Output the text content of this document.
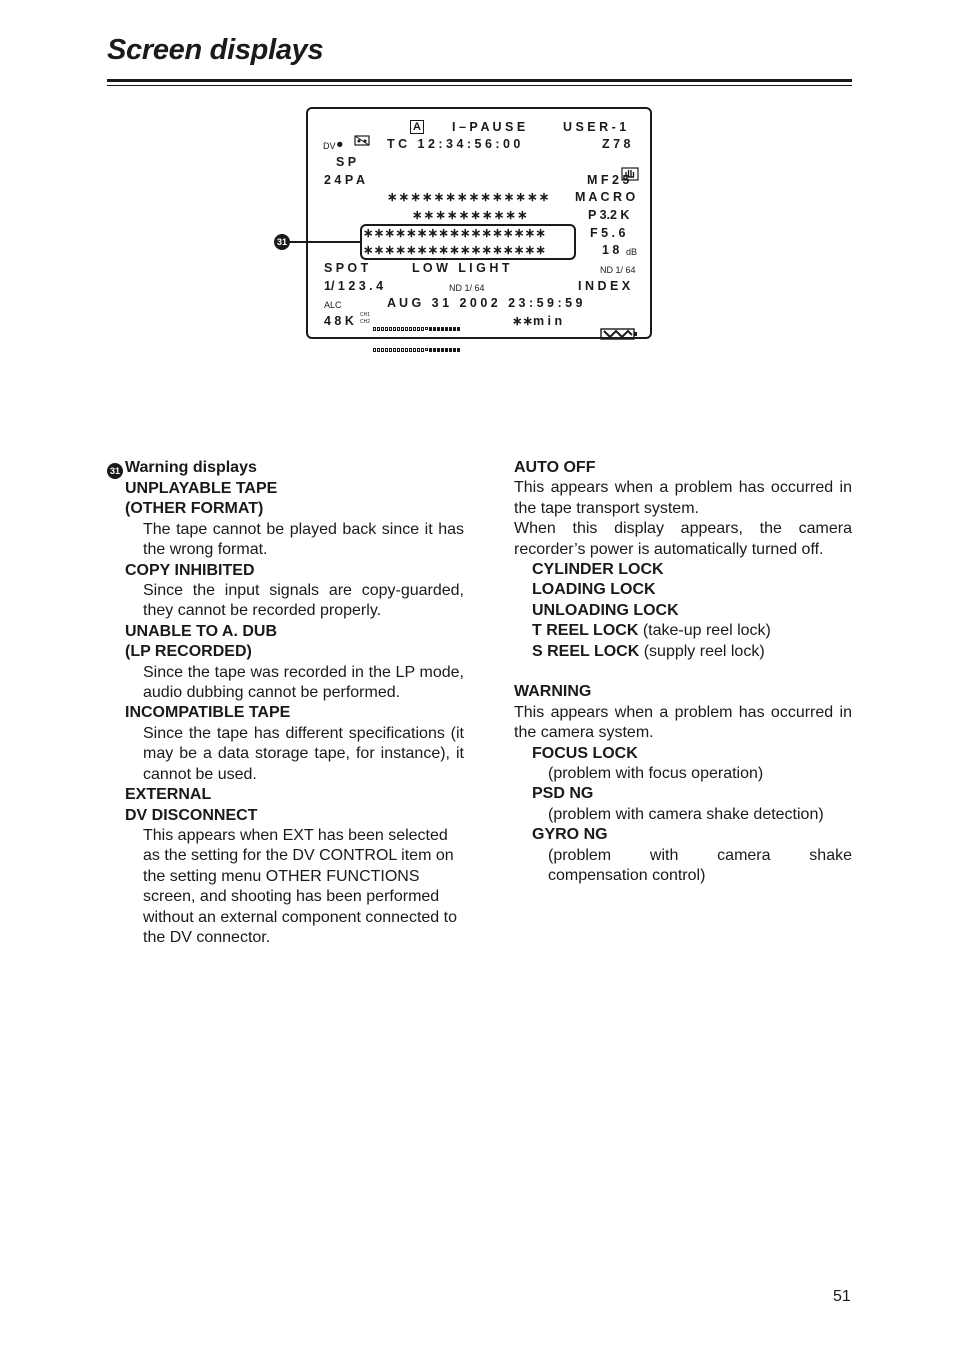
Screen displays

A I – P A U S E	U S E R - 1
DV ●	T C   1 2 : 3 4 : 5 6 : 0 0	Z 7 8
S P

2 4 P A	M F 2 5
∗∗∗∗∗∗∗∗∗∗∗∗∗∗ M A C R O
∗∗∗∗∗∗∗∗∗∗	P 3.2 K
∗∗∗∗∗∗∗∗∗∗∗∗∗∗∗∗∗	F 5 . 6
∗∗∗∗∗∗∗∗∗∗∗∗∗∗∗∗∗	1 8 dB
31
S P O T	L O W   L I G H T	ND 1/ 64
1/ 1 2 3 . 4	ND 1/ 64	I N D E X
ALC	A U G   3 1   2 0 0 2   2 3 : 5 9 : 5 9
4 8 K CH1
CH2

	∗∗m i n

31 Warning displays

UNPLAYABLE TAPE

(OTHER FORMAT)

The tape cannot be played back since it has the wrong format.

COPY INHIBITED

Since the input signals are copy-guarded, they cannot be recorded properly.

UNABLE TO A. DUB

(LP RECORDED)

Since the tape was recorded in the LP mode, audio dubbing cannot be performed.

INCOMPATIBLE TAPE

Since the tape has different specifications (it may be a data storage tape, for instance), it cannot be used.

EXTERNAL

DV DISCONNECT

This appears when EXT has been selected as the setting for the DV CONTROL item on the setting menu OTHER FUNCTIONS screen, and shooting has been performed without an external component connected to the DV connector.

AUTO OFF

This appears when a problem has occurred in the tape transport system.

When this display appears, the camera recorder’s power is automatically turned off.

CYLINDER LOCK

LOADING LOCK

UNLOADING LOCK

T REEL LOCK (take-up reel lock)

S REEL LOCK (supply reel lock)

WARNING

This appears when a problem has occurred in the camera system.

FOCUS LOCK

(problem with focus operation)

PSD NG

(problem with camera shake detection)

GYRO NG

(problem with camera shake compensation control)

51
